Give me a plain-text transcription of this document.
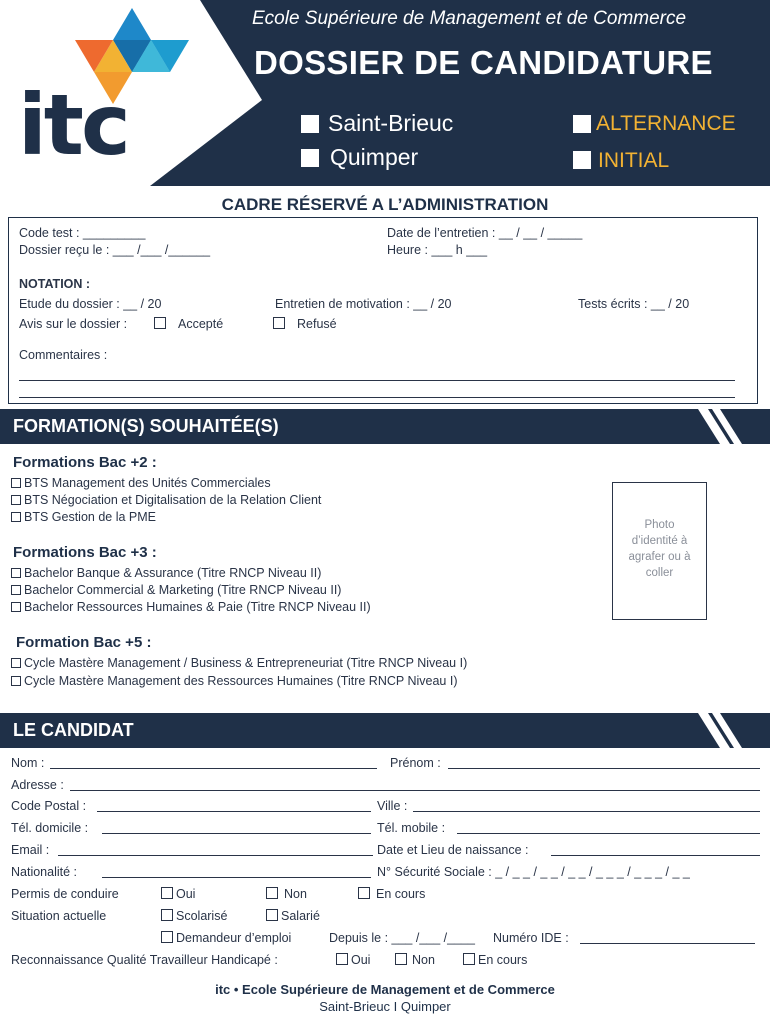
itc
Ecole Supérieure de Management et de Commerce
DOSSIER DE CANDIDATURE
Saint-Brieuc
Quimper
ALTERNANCE
INITIAL
CADRE RÉSERVÉ A L’ADMINISTRATION
Code test : _________
Dossier reçu le : ___ /___ /______
Date de l’entretien : __ / __ / _____
Heure : ___ h ___
NOTATION :
Etude du dossier : __ / 20	Entretien de motivation : __ / 20	Tests écrits : __ / 20
Avis sur le dossier :	Accepté	Refusé
Commentaires :
FORMATION(S) SOUHAITÉE(S)
Formations Bac +2 :
BTS Management des Unités Commerciales
BTS Négociation et Digitalisation de la Relation Client
BTS Gestion de la PME
Formations Bac +3 :
Bachelor Banque & Assurance (Titre RNCP Niveau II)
Bachelor Commercial & Marketing (Titre RNCP Niveau II)
Bachelor Ressources Humaines & Paie (Titre RNCP Niveau II)
Formation Bac +5 :
Cycle Mastère Management / Business & Entrepreneuriat (Titre RNCP Niveau I)
Cycle Mastère Management des Ressources Humaines (Titre RNCP Niveau I)
Photo
d’identité à
agrafer ou à
coller
LE CANDIDAT
Nom :	Prénom :
Adresse :
Code Postal :	Ville :
Tél. domicile :	Tél. mobile :
Email :	Date et Lieu de naissance :
Nationalité :	N° Sécurité Sociale : _ / _ _ / _ _ / _ _ / _ _ _ / _ _ _ / _ _
Permis de conduire	Oui	Non	En cours
Situation actuelle	Scolarisé	Salarié
Demandeur d’emploi	Depuis le : ___ /___ /____ Numéro IDE :
Reconnaissance Qualité Travailleur Handicapé :	Oui	Non	En cours
itc • Ecole Supérieure de Management et de Commerce
Saint-Brieuc I Quimper
